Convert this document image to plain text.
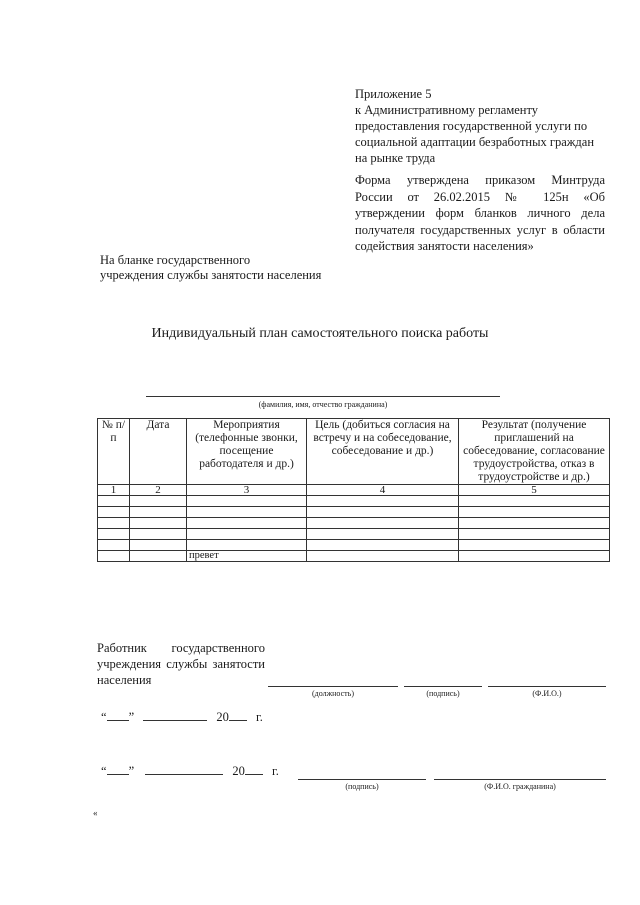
Приложение 5
к Административному регламенту
предоставления государственной услуги по
социальной адаптации безработных граждан
на рынке труда
Форма утверждена приказом Минтруда
России от 26.02.2015 № 125н «Об
утверждении форм бланков личного дела
получателя государственных услуг в области
содействия занятости населения»
На бланке государственного
учреждения службы занятости населения
Индивидуальный план самостоятельного поиска работы
(фамилия, имя, отчество гражданина)
№ п/п	Дата	Мероприятия (телефонные звонки, посещение работодателя и др.)	Цель (добиться согласия на встречу и на собеседование, собеседование и др.)	Результат (получение приглашений на собеседование, согласование трудоустройства, отказ в трудоустройстве и др.)
1	2	3	4	5

		превет		
Работник государственного
учреждения службы занятости
населения
(должность)	(подпись)	(Ф.И.О.)
“ ”	20 г.
“ ”	20 г.
(подпись)	(Ф.И.О. гражданина)
«
